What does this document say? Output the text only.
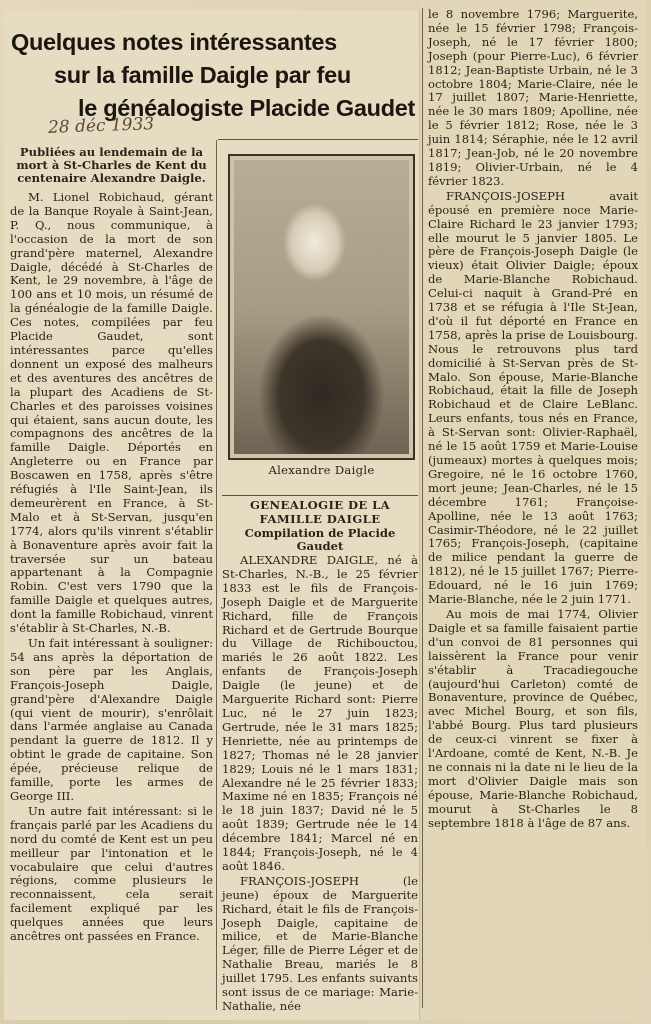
Quelques notes intéressantes
sur la famille Daigle par feu
le généalogiste Placide Gaudet
28 déc 1933

Publiées au lendemain de la mort à St-Charles de Kent du centenaire Alexandre Daigle.

M. Lionel Robichaud, gérant de la Banque Royale à Saint-Jean, P. Q., nous communique, à l'occasion de la mort de son grand'père maternel, Alexandre Daigle, décédé à St-Charles de Kent, le 29 novembre, à l'âge de 100 ans et 10 mois, un résumé de la généalogie de la famille Daigle. Ces notes, compilées par feu Placide Gaudet, sont intéressantes parce qu'elles donnent un exposé des malheurs et des aventures des ancêtres de la plupart des Acadiens de St-Charles et des paroisses voisines qui étaient, sans aucun doute, les compagnons des ancêtres de la famille Daigle. Déportés en Angleterre ou en France par Boscawen en 1758, après s'être réfugiés à l'Ile Saint-Jean, ils demeurèrent en France, à St-Malo et à St-Servan, jusqu'en 1774, alors qu'ils vinrent s'établir à Bonaventure après avoir fait la traversée sur un bateau appartenant à la Compagnie Robin. C'est vers 1790 que la famille Daigle et quelques autres, dont la famille Robichaud, vinrent s'établir à St-Charles, N.-B.

Un fait intéressant à souligner: 54 ans après la déportation de son père par les Anglais, François-Joseph Daigle, grand'père d'Alexandre Daigle (qui vient de mourir), s'enrôlait dans l'armée anglaise au Canada pendant la guerre de 1812. Il y obtint le grade de capitaine. Son épée, précieuse relique de famille, porte les armes de George III.

Un autre fait intéressant: si le français parlé par les Acadiens du nord du comté de Kent est un peu meilleur par l'intonation et le vocabulaire que celui d'autres régions, comme plusieurs le reconnaissent, cela serait facilement expliqué par les quelques années que leurs ancêtres ont passées en France.

Alexandre Daigle

GENEALOGIE DE LA

FAMILLE DAIGLE

Compilation de Placide Gaudet

ALEXANDRE DAIGLE, né à St-Charles, N.-B., le 25 février 1833 est le fils de François-Joseph Daigle et de Marguerite Richard, fille de François Richard et de Gertrude Bourque du Village de Richibouctou, mariés le 26 août 1822. Les enfants de François-Joseph Daigle (le jeune) et de Marguerite Richard sont: Pierre Luc, né le 27 juin 1823; Gertrude, née le 31 mars 1825; Henriette, née au printemps de 1827; Thomas né le 28 janvier 1829; Louis né le 1 mars 1831; Alexandre né le 25 février 1833; Maxime né en 1835; François né le 18 juin 1837; David né le 5 août 1839; Gertrude née le 14 décembre 1841; Marcel né en 1844; François-Joseph, né le 4 août 1846.

FRANÇOIS-JOSEPH (le jeune) époux de Marguerite Richard, était le fils de François-Joseph Daigle, capitaine de milice, et de Marie-Blanche Léger, fille de Pierre Léger et de Nathalie Breau, mariés le 8 juillet 1795. Les enfants suivants sont issus de ce mariage: Marie-Nathalie, née

le 8 novembre 1796; Marguerite, née le 15 février 1798; François-Joseph, né le 17 février 1800; Joseph (pour Pierre-Luc), 6 février 1812; Jean-Baptiste Urbain, né le 3 octobre 1804; Marie-Claire, née le 17 juillet 1807; Marie-Henriette, née le 30 mars 1809; Apolline, née le 5 février 1812; Rose, née le 3 juin 1814; Séraphie, née le 12 avril 1817; Jean-Job, né le 20 novembre 1819; Olivier-Urbain, né le 4 février 1823.

FRANÇOIS-JOSEPH avait épousé en première noce Marie-Claire Richard le 23 janvier 1793; elle mourut le 5 janvier 1805. Le père de François-Joseph Daigle (le vieux) était Olivier Daigle; époux de Marie-Blanche Robichaud. Celui-ci naquit à Grand-Pré en 1738 et se réfugia à l'Ile St-Jean, d'où il fut déporté en France en 1758, après la prise de Louisbourg. Nous le retrouvons plus tard domicilié à St-Servan près de St-Malo. Son épouse, Marie-Blanche Robichaud, était la fille de Joseph Robichaud et de Claire LeBlanc. Leurs enfants, tous nés en France, à St-Servan sont: Olivier-Raphaël, né le 15 août 1759 et Marie-Louise (jumeaux) mortes à quelques mois; Gregoire, né le 16 octobre 1760, mort jeune; Jean-Charles, né le 15 décembre 1761; Françoise-Apolline, née le 13 août 1763; Casimir-Théodore, né le 22 juillet 1765; François-Joseph, (capitaine de milice pendant la guerre de 1812), né le 15 juillet 1767; Pierre-Edouard, né le 16 juin 1769; Marie-Blanche, née le 2 juin 1771.

Au mois de mai 1774, Olivier Daigle et sa famille faisaient partie d'un convoi de 81 personnes qui laissèrent la France pour venir s'établir à Tracadiegouche (aujourd'hui Carleton) comté de Bonaventure, province de Québec, avec Michel Bourg, et son fils, l'abbé Bourg. Plus tard plusieurs de ceux-ci vinrent se fixer à l'Ardoane, comté de Kent, N.-B. Je ne connais ni la date ni le lieu de la mort d'Olivier Daigle mais son épouse, Marie-Blanche Robichaud, mourut à St-Charles le 8 septembre 1818 à l'âge de 87 ans.
